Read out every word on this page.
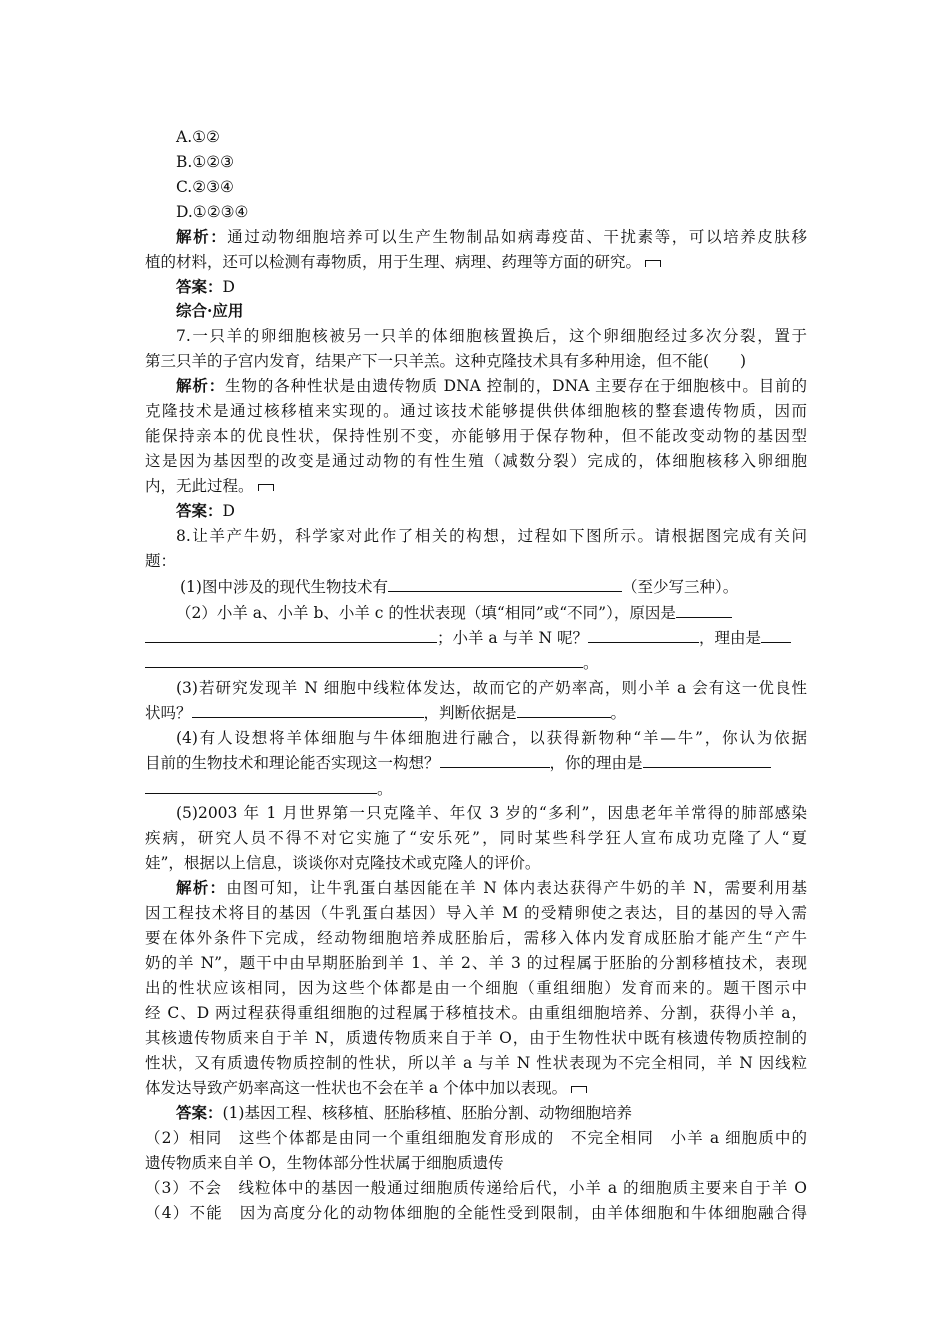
A.①②
B.①②③
C.②③④
D.①②③④
解析：通过动物细胞培养可以生产生物制品如病毒疫苗、干扰素等，可以培养皮肤移
植的材料，还可以检测有毒物质，用于生理、病理、药理等方面的研究。
答案：D
综合·应用
7.一只羊的卵细胞核被另一只羊的体细胞核置换后，这个卵细胞经过多次分裂，置于
第三只羊的子宫内发育，结果产下一只羊羔。这种克隆技术具有多种用途，但不能(　　)
解析：生物的各种性状是由遗传物质 DNA 控制的，DNA 主要存在于细胞核中。目前的
克隆技术是通过核移植来实现的。通过该技术能够提供供体细胞核的整套遗传物质，因而
能保持亲本的优良性状，保持性别不变，亦能够用于保存物种，但不能改变动物的基因型
这是因为基因型的改变是通过动物的有性生殖（减数分裂）完成的，体细胞核移入卵细胞
内，无此过程。
答案：D
8.让羊产牛奶，科学家对此作了相关的构想，过程如下图所示。请根据图完成有关问
题：
(1)图中涉及的现代生物技术有	（至少写三种）。
（2）小羊 a、小羊 b、小羊 c 的性状表现（填“相同”或“不同”），原因是
；小羊 a 与羊 N 呢？	，理由是
。
(3)若研究发现羊 N 细胞中线粒体发达，故而它的产奶率高，则小羊 a 会有这一优良性
状吗？	，判断依据是	。
(4)有人设想将羊体细胞与牛体细胞进行融合，以获得新物种“羊—牛”，你认为依据
目前的生物技术和理论能否实现这一构想？	，你的理由是
。
(5)2003 年 1 月世界第一只克隆羊、年仅 3 岁的“多利”，因患老年羊常得的肺部感染
疾病，研究人员不得不对它实施了“安乐死”，同时某些科学狂人宣布成功克隆了人“夏
娃”，根据以上信息，谈谈你对克隆技术或克隆人的评价。
解析：由图可知，让牛乳蛋白基因能在羊 N 体内表达获得产牛奶的羊 N，需要利用基
因工程技术将目的基因（牛乳蛋白基因）导入羊 M 的受精卵使之表达，目的基因的导入需
要在体外条件下完成，经动物细胞培养成胚胎后，需移入体内发育成胚胎才能产生“产牛
奶的羊 N”，题干中由早期胚胎到羊 1、羊 2、羊 3 的过程属于胚胎的分割移植技术，表现
出的性状应该相同，因为这些个体都是由一个细胞（重组细胞）发育而来的。题干图示中
经 C、D 两过程获得重组细胞的过程属于移植技术。由重组细胞培养、分割，获得小羊 a，
其核遗传物质来自于羊 N，质遗传物质来自于羊 O，由于生物性状中既有核遗传物质控制的
性状，又有质遗传物质控制的性状，所以羊 a 与羊 N 性状表现为不完全相同，羊 N 因线粒
体发达导致产奶率高这一性状也不会在羊 a 个体中加以表现。
答案：(1)基因工程、核移植、胚胎移植、胚胎分割、动物细胞培养
（2）相同　这些个体都是由同一个重组细胞发育形成的　不完全相同　小羊 a 细胞质中的
遗传物质来自羊 O，生物体部分性状属于细胞质遗传
（3）不会　线粒体中的基因一般通过细胞质传递给后代，小羊 a 的细胞质主要来自于羊 O
（4）不能　因为高度分化的动物体细胞的全能性受到限制，由羊体细胞和牛体细胞融合得
